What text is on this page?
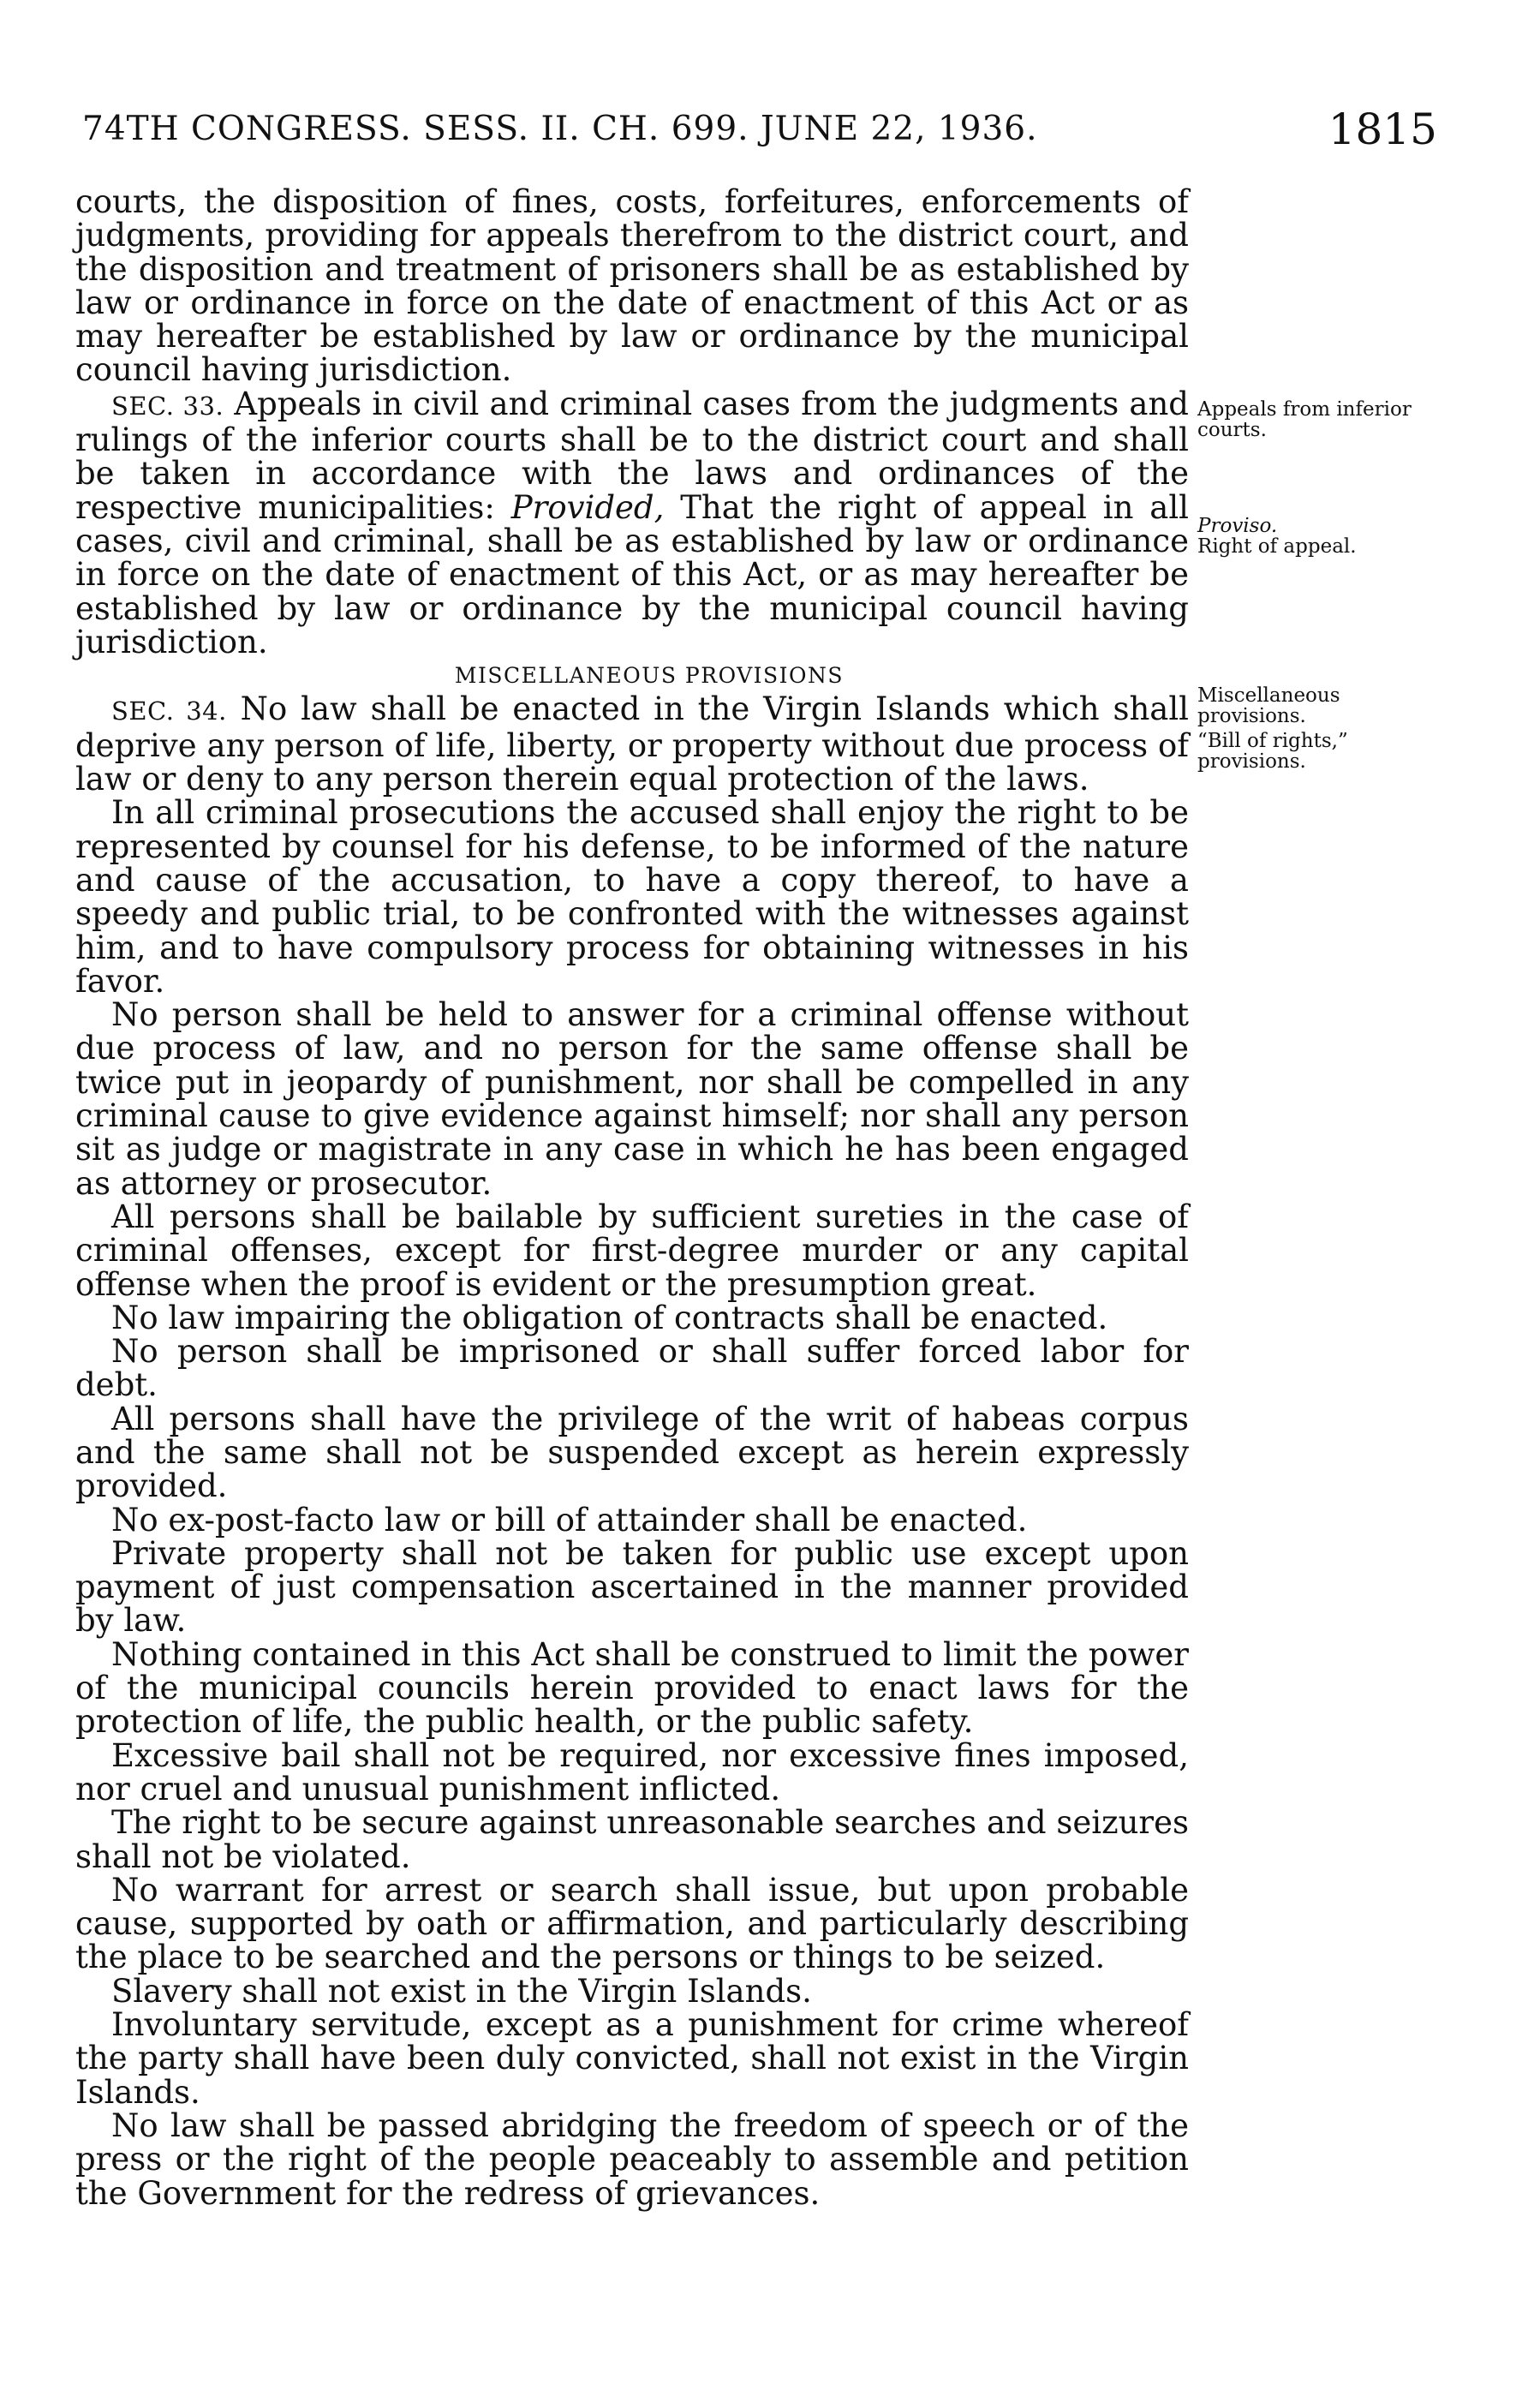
74TH CONGRESS. SESS. II. CH. 699. JUNE 22, 1936.	1815

courts, the disposition of fines, costs, forfeitures, enforcements of judgments, providing for appeals therefrom to the district court, and the disposition and treatment of prisoners shall be as established by law or ordinance in force on the date of enactment of this Act or as may hereafter be established by law or ordinance by the municipal council having jurisdiction.

SEC. 33. Appeals in civil and criminal cases from the judgments and rulings of the inferior courts shall be to the district court and shall be taken in accordance with the laws and ordinances of the respective municipalities: Provided, That the right of appeal in all cases, civil and criminal, shall be as established by law or ordinance in force on the date of enactment of this Act, or as may hereafter be established by law or ordinance by the municipal council having jurisdiction.

MISCELLANEOUS PROVISIONS

SEC. 34. No law shall be enacted in the Virgin Islands which shall deprive any person of life, liberty, or property without due process of law or deny to any person therein equal protection of the laws.

In all criminal prosecutions the accused shall enjoy the right to be represented by counsel for his defense, to be informed of the nature and cause of the accusation, to have a copy thereof, to have a speedy and public trial, to be confronted with the witnesses against him, and to have compulsory process for obtaining witnesses in his favor.

No person shall be held to answer for a criminal offense without due process of law, and no person for the same offense shall be twice put in jeopardy of punishment, nor shall be compelled in any criminal cause to give evidence against himself; nor shall any person sit as judge or magistrate in any case in which he has been engaged as attorney or prosecutor.

All persons shall be bailable by sufficient sureties in the case of criminal offenses, except for first-degree murder or any capital offense when the proof is evident or the presumption great.

No law impairing the obligation of contracts shall be enacted.

No person shall be imprisoned or shall suffer forced labor for debt.

All persons shall have the privilege of the writ of habeas corpus and the same shall not be suspended except as herein expressly provided.

No ex-post-facto law or bill of attainder shall be enacted.

Private property shall not be taken for public use except upon payment of just compensation ascertained in the manner provided by law.

Nothing contained in this Act shall be construed to limit the power of the municipal councils herein provided to enact laws for the protection of life, the public health, or the public safety.

Excessive bail shall not be required, nor excessive fines imposed, nor cruel and unusual punishment inflicted.

The right to be secure against unreasonable searches and seizures shall not be violated.

No warrant for arrest or search shall issue, but upon probable cause, supported by oath or affirmation, and particularly describing the place to be searched and the persons or things to be seized.

Slavery shall not exist in the Virgin Islands.

Involuntary servitude, except as a punishment for crime whereof the party shall have been duly convicted, shall not exist in the Virgin Islands.

No law shall be passed abridging the freedom of speech or of the press or the right of the people peaceably to assemble and petition the Government for the redress of grievances.

Appeals from inferior courts.
Proviso.
Right of appeal.
Miscellaneous provisions.
“Bill of rights,” provisions.
